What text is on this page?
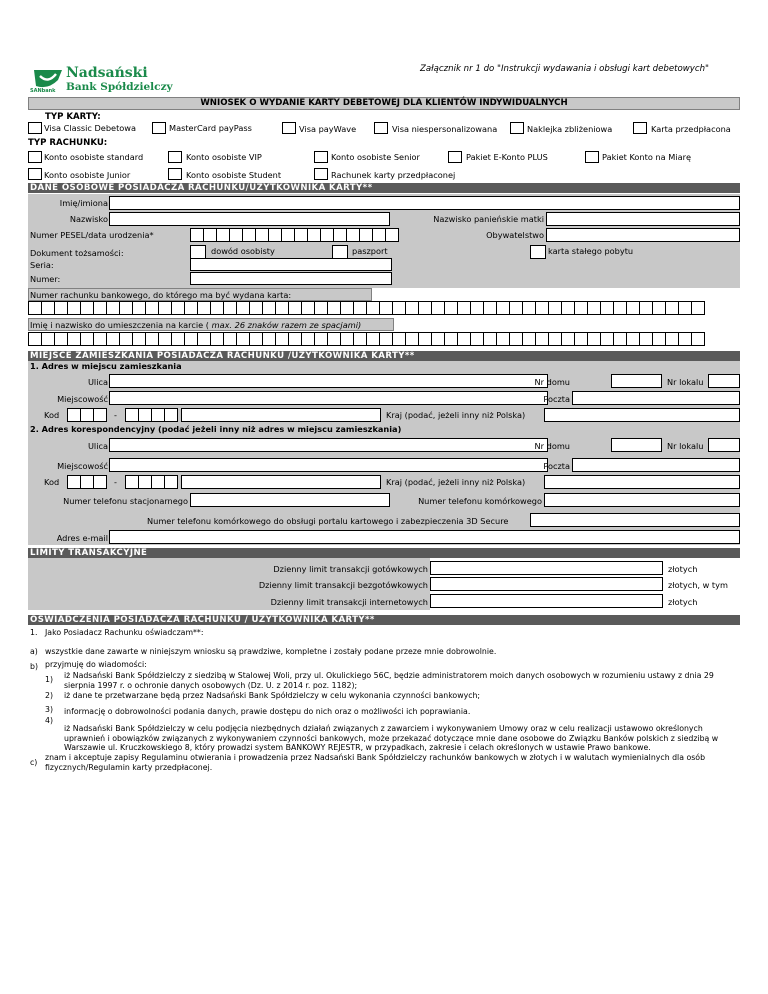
Załącznik nr 1 do "Instrukcji wydawania i obsługi kart debetowych"
Nadsański
Bank Spółdzielczy
SANbank
WNIOSEK O WYDANIE KARTY DEBETOWEJ DLA KLIENTÓW INDYWIDUALNYCH
TYP KARTY:
Visa Classic Debetowa	MasterCard payPass	Visa payWave	Visa niespersonalizowana	Naklejka zbliżeniowa	Karta przedpłacona
TYP RACHUNKU:
Konto osobiste standard	Konto osobiste VIP	Konto osobiste Senior	Pakiet E-Konto PLUS	Pakiet Konto na Miarę
Konto osobiste Junior	Konto osobiste Student	Rachunek karty przedpłaconej
DANE OSOBOWE POSIADACZA RACHUNKU/UŻYTKOWNIKA KARTY**
Imię/imiona
Nazwisko	Nazwisko panieńskie matki
Numer PESEL/data urodzenia*	Obywatelstwo
Dokument tożsamości:	dowód osobisty	paszport	karta stałego pobytu
Seria:
Numer:
Numer rachunku bankowego, do którego ma być wydana karta:
Imię i nazwisko do umieszczenia na karcie ( max. 26 znaków razem ze spacjami)
MIEJSCE ZAMIESZKANIA POSIADACZA RACHUNKU /UŻYTKOWNIKA KARTY**
1. Adres w miejscu zamieszkania
Ulica	Nr domu	Nr lokalu
Miejscowość	Poczta
Kod	-	Kraj (podać, jeżeli inny niż Polska)
2. Adres korespondencyjny (podać jeżeli inny niż adres w miejscu zamieszkania)
Ulica	Nr domu	Nr lokalu
Miejscowość	Poczta
Kod	-	Kraj (podać, jeżeli inny niż Polska)
Numer telefonu stacjonarnego	Numer telefonu komórkowego
Numer telefonu komórkowego do obsługi portalu kartowego i zabezpieczenia 3D Secure
Adres e-mail
LIMITY TRANSAKCYJNE
Dzienny limit transakcji gotówkowych	złotych
Dzienny limit transakcji bezgotówkowych	złotych, w tym
Dzienny limit transakcji internetowych	złotych
OŚWIADCZENIA POSIADACZA RACHUNKU / UŻYTKOWNIKA KARTY**
1. Jako Posiadacz Rachunku oświadczam**:
a) wszystkie dane zawarte w niniejszym wniosku są prawdziwe, kompletne i zostały podane przeze mnie dobrowolnie.
b) przyjmuję do wiadomości:
1) iż Nadsański Bank Spółdzielczy z siedzibą w Stalowej Woli, przy ul. Okulickiego 56C, będzie administratorem moich danych osobowych w rozumieniu ustawy z dnia 29 sierpnia 1997 r. o ochronie danych osobowych (Dz. U. z 2014 r. poz. 1182);
2) iż dane te przetwarzane będą przez Nadsański Bank Spółdzielczy w celu wykonania czynności bankowych;
3) informację o dobrowolności podania danych, prawie dostępu do nich oraz o możliwości ich poprawiania.
4)
iż Nadsański Bank Spółdzielczy w celu podjęcia niezbędnych działań związanych z zawarciem i wykonywaniem Umowy oraz w celu realizacji ustawowo określonych uprawnień i obowiązków związanych z wykonywaniem czynności bankowych, może przekazać dotyczące mnie dane osobowe do Związku Banków polskich z siedzibą w Warszawie ul. Kruczkowskiego 8, który prowadzi system BANKOWY REJESTR, w przypadkach, zakresie i celach określonych w ustawie Prawo bankowe.
c)
znam i akceptuje zapisy Regulaminu otwierania i prowadzenia przez Nadsański Bank Spółdzielczy rachunków bankowych w złotych i w walutach wymienialnych dla osób fizycznych/Regulamin karty przedpłaconej.
